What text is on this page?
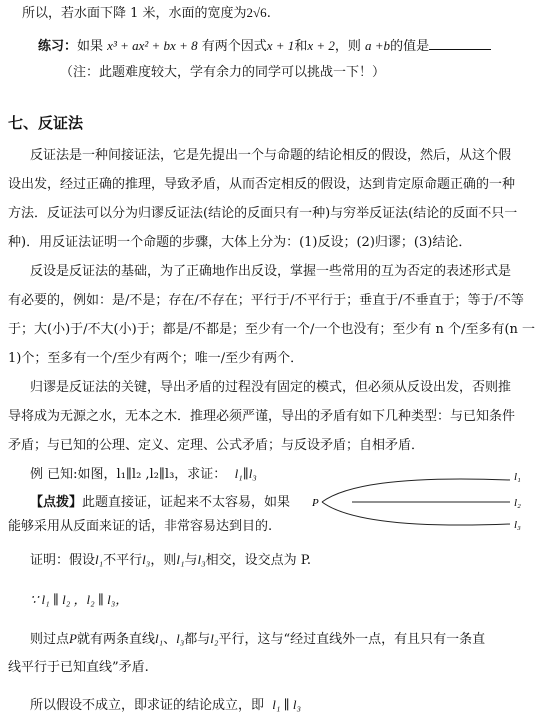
所以，若水面下降 1 米，水面的宽度为2√6.
练习：如果 x³ + ax² + bx + 8 有两个因式x + 1和x + 2，则 a +b的值是
（注：此题难度较大，学有余力的同学可以挑战一下！）
七、反证法
反证法是一种间接证法，它是先提出一个与命题的结论相反的假设，然后，从这个假
设出发，经过正确的推理，导致矛盾，从而否定相反的假设，达到肯定原命题正确的一种
方法．反证法可以分为归谬反证法(结论的反面只有一种)与穷举反证法(结论的反面不只一
种)．用反证法证明一个命题的步骤，大体上分为：(1)反设；(2)归谬；(3)结论．
反设是反证法的基础，为了正确地作出反设，掌握一些常用的互为否定的表述形式是
有必要的，例如：是/不是；存在/不存在；平行于/不平行于；垂直于/不垂直于；等于/不等
于；大(小)于/不大(小)于；都是/不都是；至少有一个/一个也没有；至少有 n 个/至多有(n 一
1)个；至多有一个/至少有两个；唯一/至少有两个．
归谬是反证法的关键，导出矛盾的过程没有固定的模式，但必须从反设出发，否则推
导将成为无源之水，无本之木．推理必须严谨，导出的矛盾有如下几种类型：与已知条件
矛盾；与已知的公理、定义、定理、公式矛盾；与反设矛盾；自相矛盾．
例 已知:如图，l₁∥l₂ ,l₂∥l₃，求证： l₁∥l₃
【点拨】此题直接证，证起来不太容易，如果
能够采用从反面来证的话，非常容易达到目的.
P
l₁
l₂
l₃
证明：假设l₁不平行l₃，则l₁与l₃相交，设交点为 P.
∵ l₁ ∥ l₂ ，l₂ ∥ l₃，
则过点P就有两条直线l₁、l₃都与l₂平行，这与“经过直线外一点，有且只有一条直
线平行于已知直线”矛盾.
所以假设不成立，即求证的结论成立，即 l₁ ∥ l₃
